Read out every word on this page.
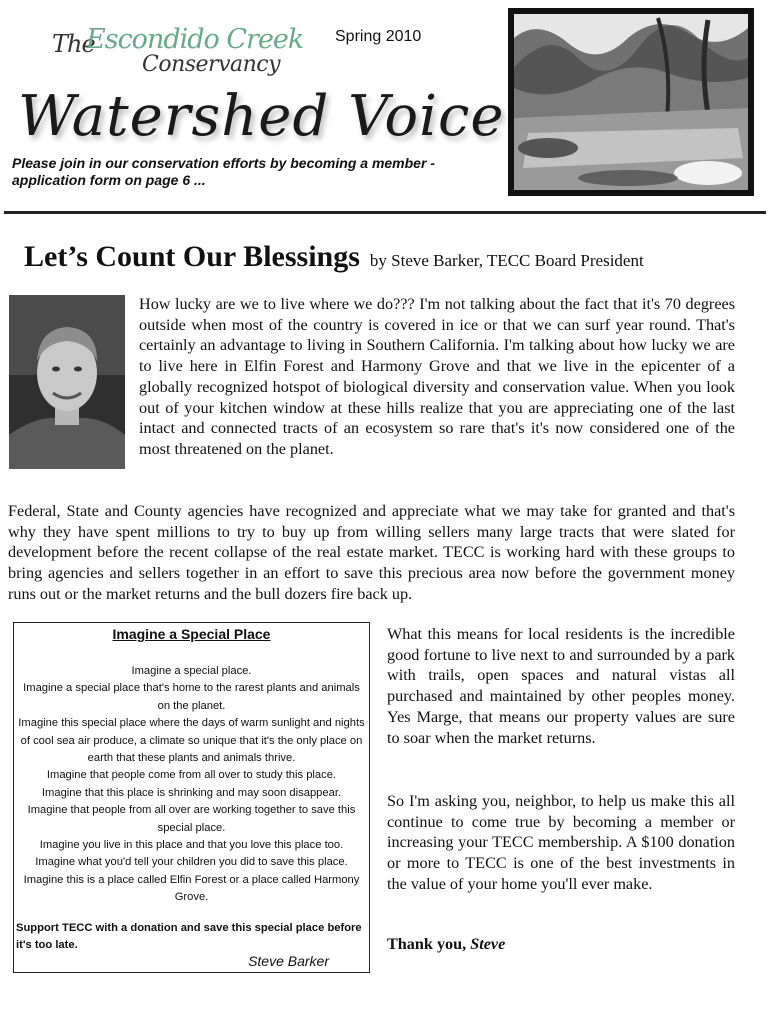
The
Escondido Creek
Conservancy
Spring 2010
Watershed Voice
Please join in our conservation efforts by becoming a member - application form on page 6 ...
Let’s Count Our Blessings by Steve Barker, TECC Board President
How lucky are we to live where we do??? I'm not talking about the fact that it's 70 degrees outside when most of the country is covered in ice or that we can surf year round. That's certainly an advantage to living in Southern California. I'm talking about how lucky we are to live here in Elfin Forest and Harmony Grove and that we live in the epicenter of a globally recognized hotspot of biological diversity and conservation value. When you look out of your kitchen window at these hills realize that you are appreciating one of the last intact and connected tracts of an ecosystem so rare that's it's now considered one of the most threatened on the planet.
Federal, State and County agencies have recognized and appreciate what we may take for granted and that's why they have spent millions to try to buy up from willing sellers many large tracts that were slated for development before the recent collapse of the real estate market. TECC is working hard with these groups to bring agencies and sellers together in an effort to save this precious area now before the government money runs out or the market returns and the bull dozers fire back up.
What this means for local residents is the incredible good fortune to live next to and surrounded by a park with trails, open spaces and natural vistas all purchased and maintained by other peoples money. Yes Marge, that means our property values are sure to soar when the market returns.
So I'm asking you, neighbor, to help us make this all continue to come true by becoming a member or increasing your TECC membership. A $100 donation or more to TECC is one of the best investments in the value of your home you'll ever make.
Thank you, Steve
Imagine a Special Place
Imagine a special place.
Imagine a special place that's home to the rarest plants and animals on the planet.
Imagine this special place where the days of warm sunlight and nights of cool sea air produce, a climate so unique that it's the only place on earth that these plants and animals thrive.
Imagine that people come from all over to study this place.
Imagine that this place is shrinking and may soon disappear.
Imagine that people from all over are working together to save this special place.
Imagine you live in this place and that you love this place too.
Imagine what you'd tell your children you did to save this place.
Imagine this is a place called Elfin Forest or a place called Harmony Grove.
Support TECC with a donation and save this special place before it's too late.
Steve Barker
